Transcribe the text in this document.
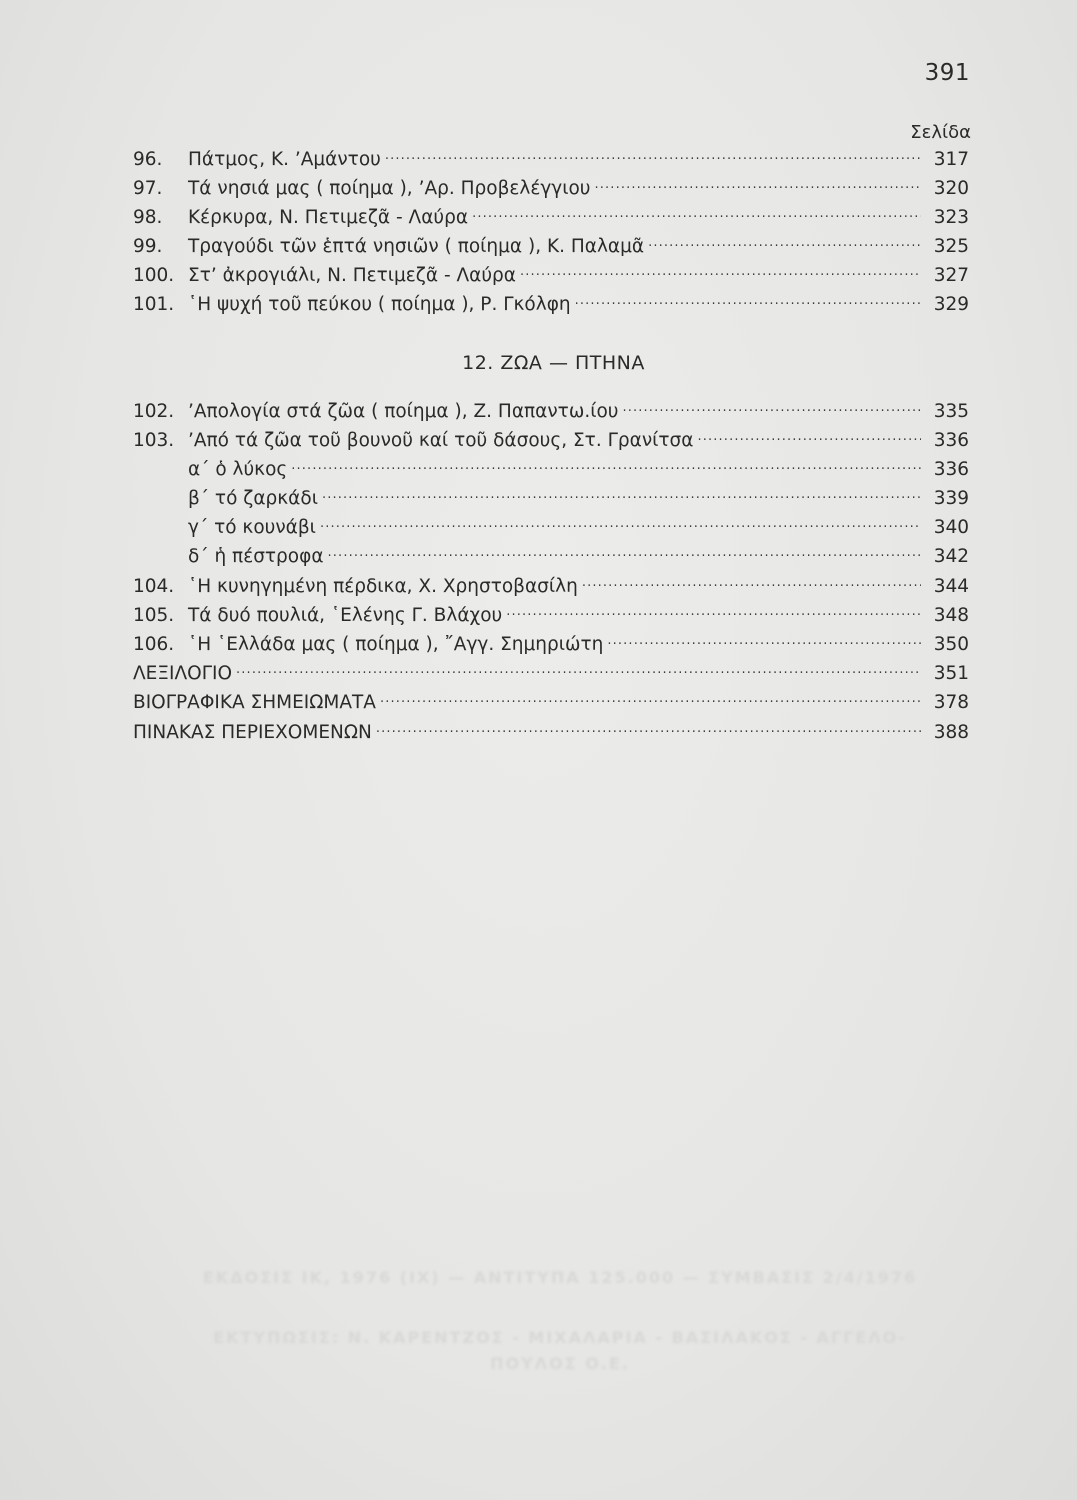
391
Σελίδα
96.	Πάτμος, Κ. ’Αμάντου . . .	317
97.	Τά νησιά μας ( ποίημα ), ’Αρ. Προβελέγγιου . . .	320
98.	Κέρκυρα, Ν. Πετιμεζᾶ - Λαύρα . . .	323
99.	Τραγούδι τῶν ἑπτά νησιῶν ( ποίημα ), Κ. Παλαμᾶ . . .	325
100. Στ’ ἀκρογιάλι, Ν. Πετιμεζᾶ - Λαύρα . . .	327
101. ῾Η ψυχή τοῦ πεύκου ( ποίημα ), Ρ. Γκόλφη . . .	329
12. ΖΩΑ — ΠΤΗΝΑ
102. ’Απολογία στά ζῶα ( ποίημα ), Ζ. Παπαντω.ίου . . .	335
103. ’Από τά ζῶα τοῦ βουνοῦ καί τοῦ δάσους, Στ. Γρανίτσα . . .	336
α΄ ὁ λύκος . . .	336
β΄ τό ζαρκάδι . . .	339
γ΄ τό κουνάβι . . .	340
δ΄ ἡ πέστροφα . . .	342
104. ῾Η κυνηγημένη πέρδικα, Χ. Χρηστοβασίλη . . .	344
105. Τά δυό πουλιά, ῾Ελένης Γ. Βλάχου . . .	348
106. ῾Η ῾Ελλάδα μας ( ποίημα ), ῎Αγγ. Σημηριώτη . . .	350
ΛΕΞΙΛΟΓΙΟ . . .	351
ΒΙΟΓΡΑΦΙΚΑ ΣΗΜΕΙΩΜΑΤΑ . . .	378
ΠΙΝΑΚΑΣ ΠΕΡΙΕΧΟΜΕΝΩΝ . . .	388
ΕΚΔΟΣΙΣ ΙΚ, 1976 (ΙΧ) — ΑΝΤΙΤΥΠΑ 125.000 — ΣΥΜΒΑΣΙΣ 2/4/1976
ΕΚΤΥΠΩΣΙΣ: Ν. ΚΑΡΕΝΤΖΟΣ - ΜΙΧΑΛΑΡΙΑ - ΒΑΣΙΛΑΚΟΣ - ΑΓΓΕΛΟ-
ΠΟΥΛΟΣ Ο.Ε.
